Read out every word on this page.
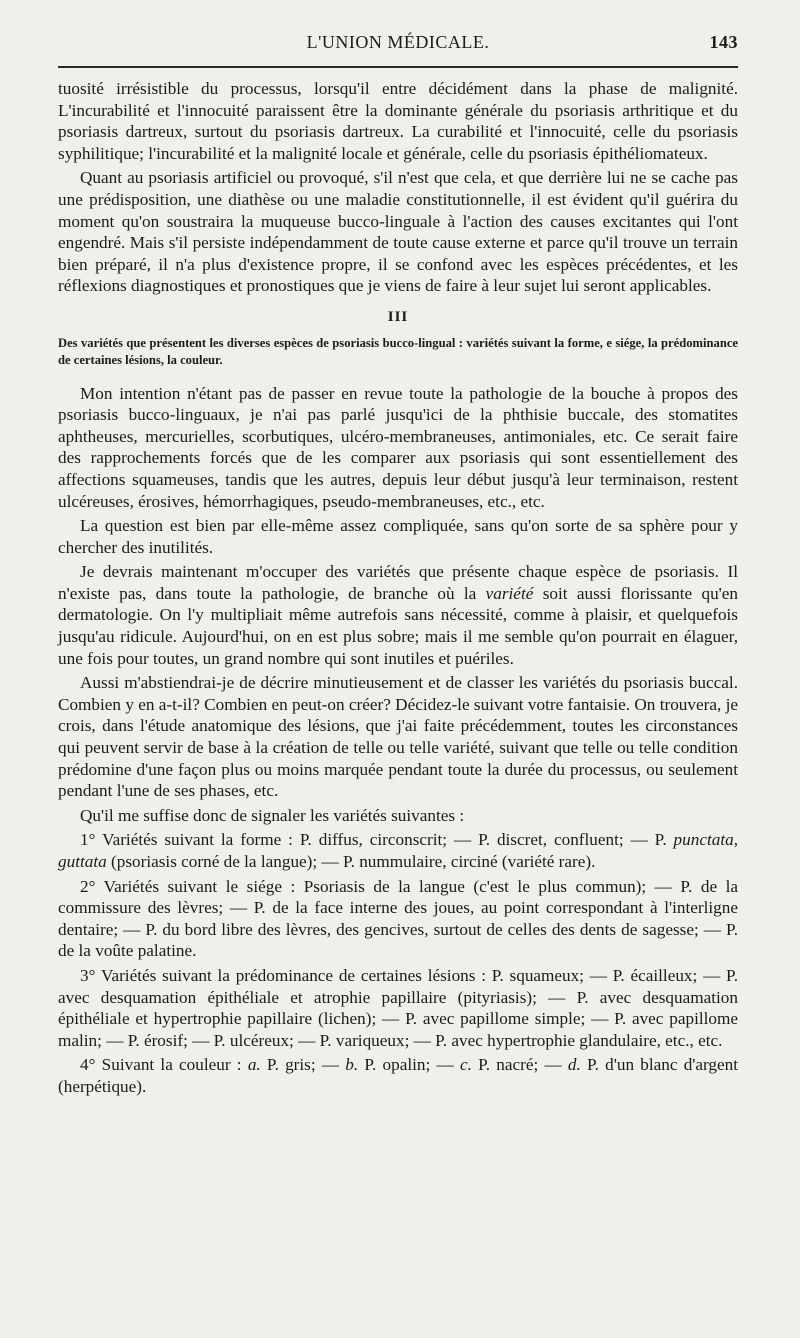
L'UNION MÉDICALE.	143

tuosité irrésistible du processus, lorsqu'il entre décidément dans la phase de malignité. L'incurabilité et l'innocuité paraissent être la dominante générale du psoriasis arthritique et du psoriasis dartreux, surtout du psoriasis dartreux. La curabilité et l'innocuité, celle du psoriasis syphilitique; l'incurabilité et la malignité locale et générale, celle du psoriasis épithéliomateux.

Quant au psoriasis artificiel ou provoqué, s'il n'est que cela, et que derrière lui ne se cache pas une prédisposition, une diathèse ou une maladie constitutionnelle, il est évident qu'il guérira du moment qu'on soustraira la muqueuse bucco-linguale à l'action des causes excitantes qui l'ont engendré. Mais s'il persiste indépendamment de toute cause externe et parce qu'il trouve un terrain bien préparé, il n'a plus d'existence propre, il se confond avec les espèces précédentes, et les réflexions diagnostiques et pronostiques que je viens de faire à leur sujet lui seront applicables.

III
Des variétés que présentent les diverses espèces de psoriasis bucco-lingual : variétés suivant la forme, e siége, la prédominance de certaines lésions, la couleur.

Mon intention n'étant pas de passer en revue toute la pathologie de la bouche à propos des psoriasis bucco-linguaux, je n'ai pas parlé jusqu'ici de la phthisie buccale, des stomatites aphtheuses, mercurielles, scorbutiques, ulcéro-membraneuses, antimoniales, etc. Ce serait faire des rapprochements forcés que de les comparer aux psoriasis qui sont essentiellement des affections squameuses, tandis que les autres, depuis leur début jusqu'à leur terminaison, restent ulcéreuses, érosives, hémorrhagiques, pseudo-membraneuses, etc., etc.

La question est bien par elle-même assez compliquée, sans qu'on sorte de sa sphère pour y chercher des inutilités.

Je devrais maintenant m'occuper des variétés que présente chaque espèce de psoriasis. Il n'existe pas, dans toute la pathologie, de branche où la variété soit aussi florissante qu'en dermatologie. On l'y multipliait même autrefois sans nécessité, comme à plaisir, et quelquefois jusqu'au ridicule. Aujourd'hui, on en est plus sobre; mais il me semble qu'on pourrait en élaguer, une fois pour toutes, un grand nombre qui sont inutiles et puériles.

Aussi m'abstiendrai-je de décrire minutieusement et de classer les variétés du psoriasis buccal. Combien y en a-t-il? Combien en peut-on créer? Décidez-le suivant votre fantaisie. On trouvera, je crois, dans l'étude anatomique des lésions, que j'ai faite précédemment, toutes les circonstances qui peuvent servir de base à la création de telle ou telle variété, suivant que telle ou telle condition prédomine d'une façon plus ou moins marquée pendant toute la durée du processus, ou seulement pendant l'une de ses phases, etc.

Qu'il me suffise donc de signaler les variétés suivantes :

1° Variétés suivant la forme : P. diffus, circonscrit; — P. discret, confluent; — P. punctata, guttata (psoriasis corné de la langue); — P. nummulaire, circiné (variété rare).

2° Variétés suivant le siége : Psoriasis de la langue (c'est le plus commun); — P. de la commissure des lèvres; — P. de la face interne des joues, au point correspondant à l'interligne dentaire; — P. du bord libre des lèvres, des gencives, surtout de celles des dents de sagesse; — P. de la voûte palatine.

3° Variétés suivant la prédominance de certaines lésions : P. squameux; — P. écailleux; — P. avec desquamation épithéliale et atrophie papillaire (pityriasis); — P. avec desquamation épithéliale et hypertrophie papillaire (lichen); — P. avec papillome simple; — P. avec papillome malin; — P. érosif; — P. ulcéreux; — P. variqueux; — P. avec hypertrophie glandulaire, etc., etc.

4° Suivant la couleur : a. P. gris; — b. P. opalin; — c. P. nacré; — d. P. d'un blanc d'argent (herpétique).
